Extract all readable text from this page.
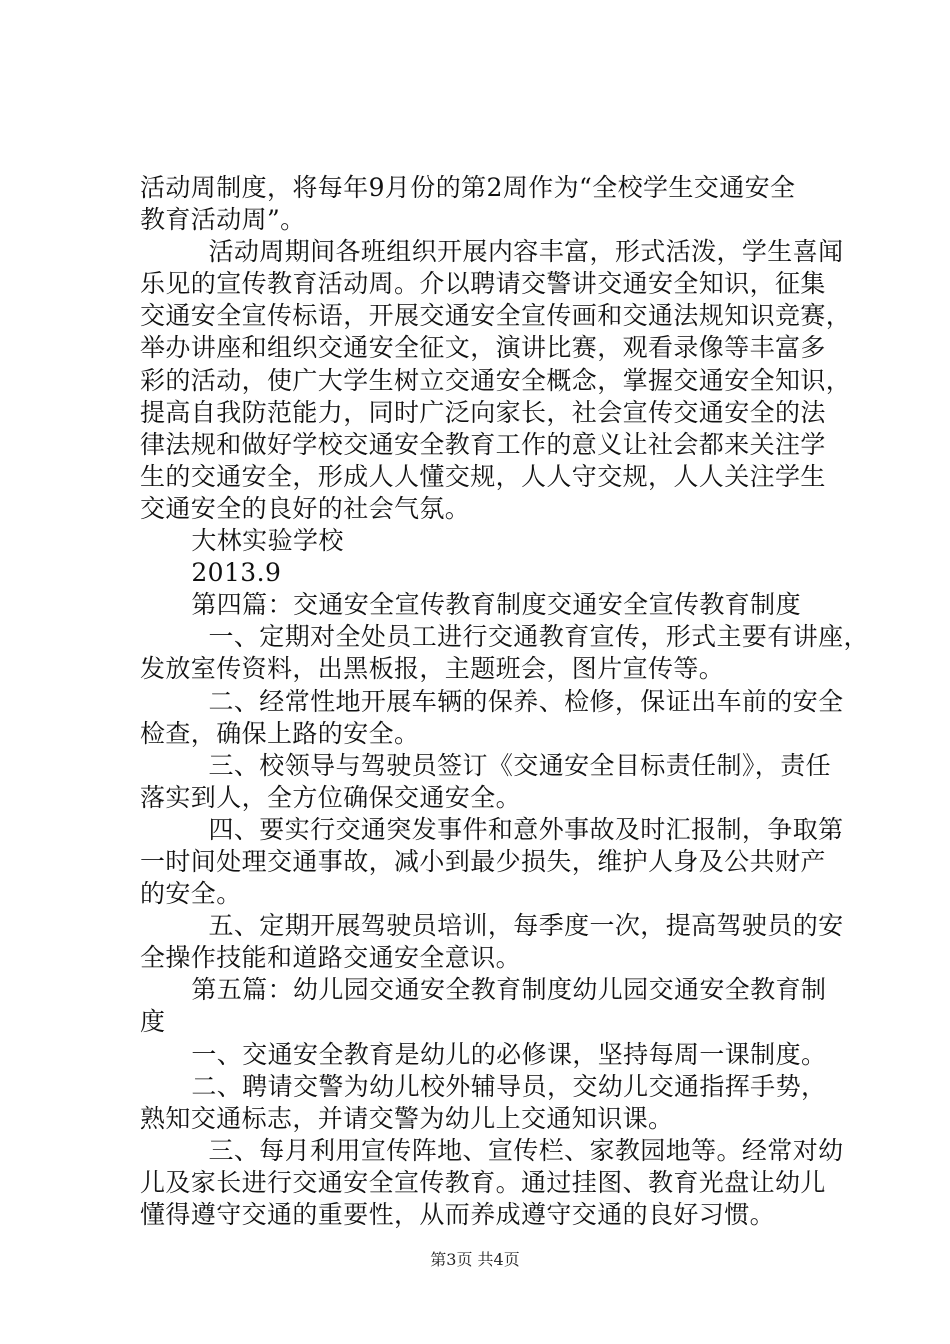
活动周制度，将每年9月份的第2周作为“全校学生交通安全
教育活动周”。
活动周期间各班组织开展内容丰富，形式活泼，学生喜闻
乐见的宣传教育活动周。介以聘请交警讲交通安全知识，征集
交通安全宣传标语，开展交通安全宣传画和交通法规知识竞赛，
举办讲座和组织交通安全征文，演讲比赛，观看录像等丰富多
彩的活动，使广大学生树立交通安全概念，掌握交通安全知识，
提高自我防范能力，同时广泛向家长，社会宣传交通安全的法
律法规和做好学校交通安全教育工作的意义让社会都来关注学
生的交通安全，形成人人懂交规，人人守交规，人人关注学生
交通安全的良好的社会气氛。
大林实验学校
2013.9
第四篇：交通安全宣传教育制度交通安全宣传教育制度
一、定期对全处员工进行交通教育宣传，形式主要有讲座，
发放室传资料，出黑板报，主题班会，图片宣传等。
二、经常性地开展车辆的保养、检修，保证出车前的安全
检查，确保上路的安全。
三、校领导与驾驶员签订《交通安全目标责任制》，责任
落实到人，全方位确保交通安全。
四、要实行交通突发事件和意外事故及时汇报制，争取第
一时间处理交通事故，减小到最少损失，维护人身及公共财产
的安全。
五、定期开展驾驶员培训，每季度一次，提高驾驶员的安
全操作技能和道路交通安全意识。
第五篇：幼儿园交通安全教育制度幼儿园交通安全教育制
度
一、交通安全教育是幼儿的必修课，坚持每周一课制度。
二、聘请交警为幼儿校外辅导员，交幼儿交通指挥手势，
熟知交通标志，并请交警为幼儿上交通知识课。
三、每月利用宣传阵地、宣传栏、家教园地等。经常对幼
儿及家长进行交通安全宣传教育。通过挂图、教育光盘让幼儿
懂得遵守交通的重要性，从而养成遵守交通的良好习惯。
第3页 共4页
